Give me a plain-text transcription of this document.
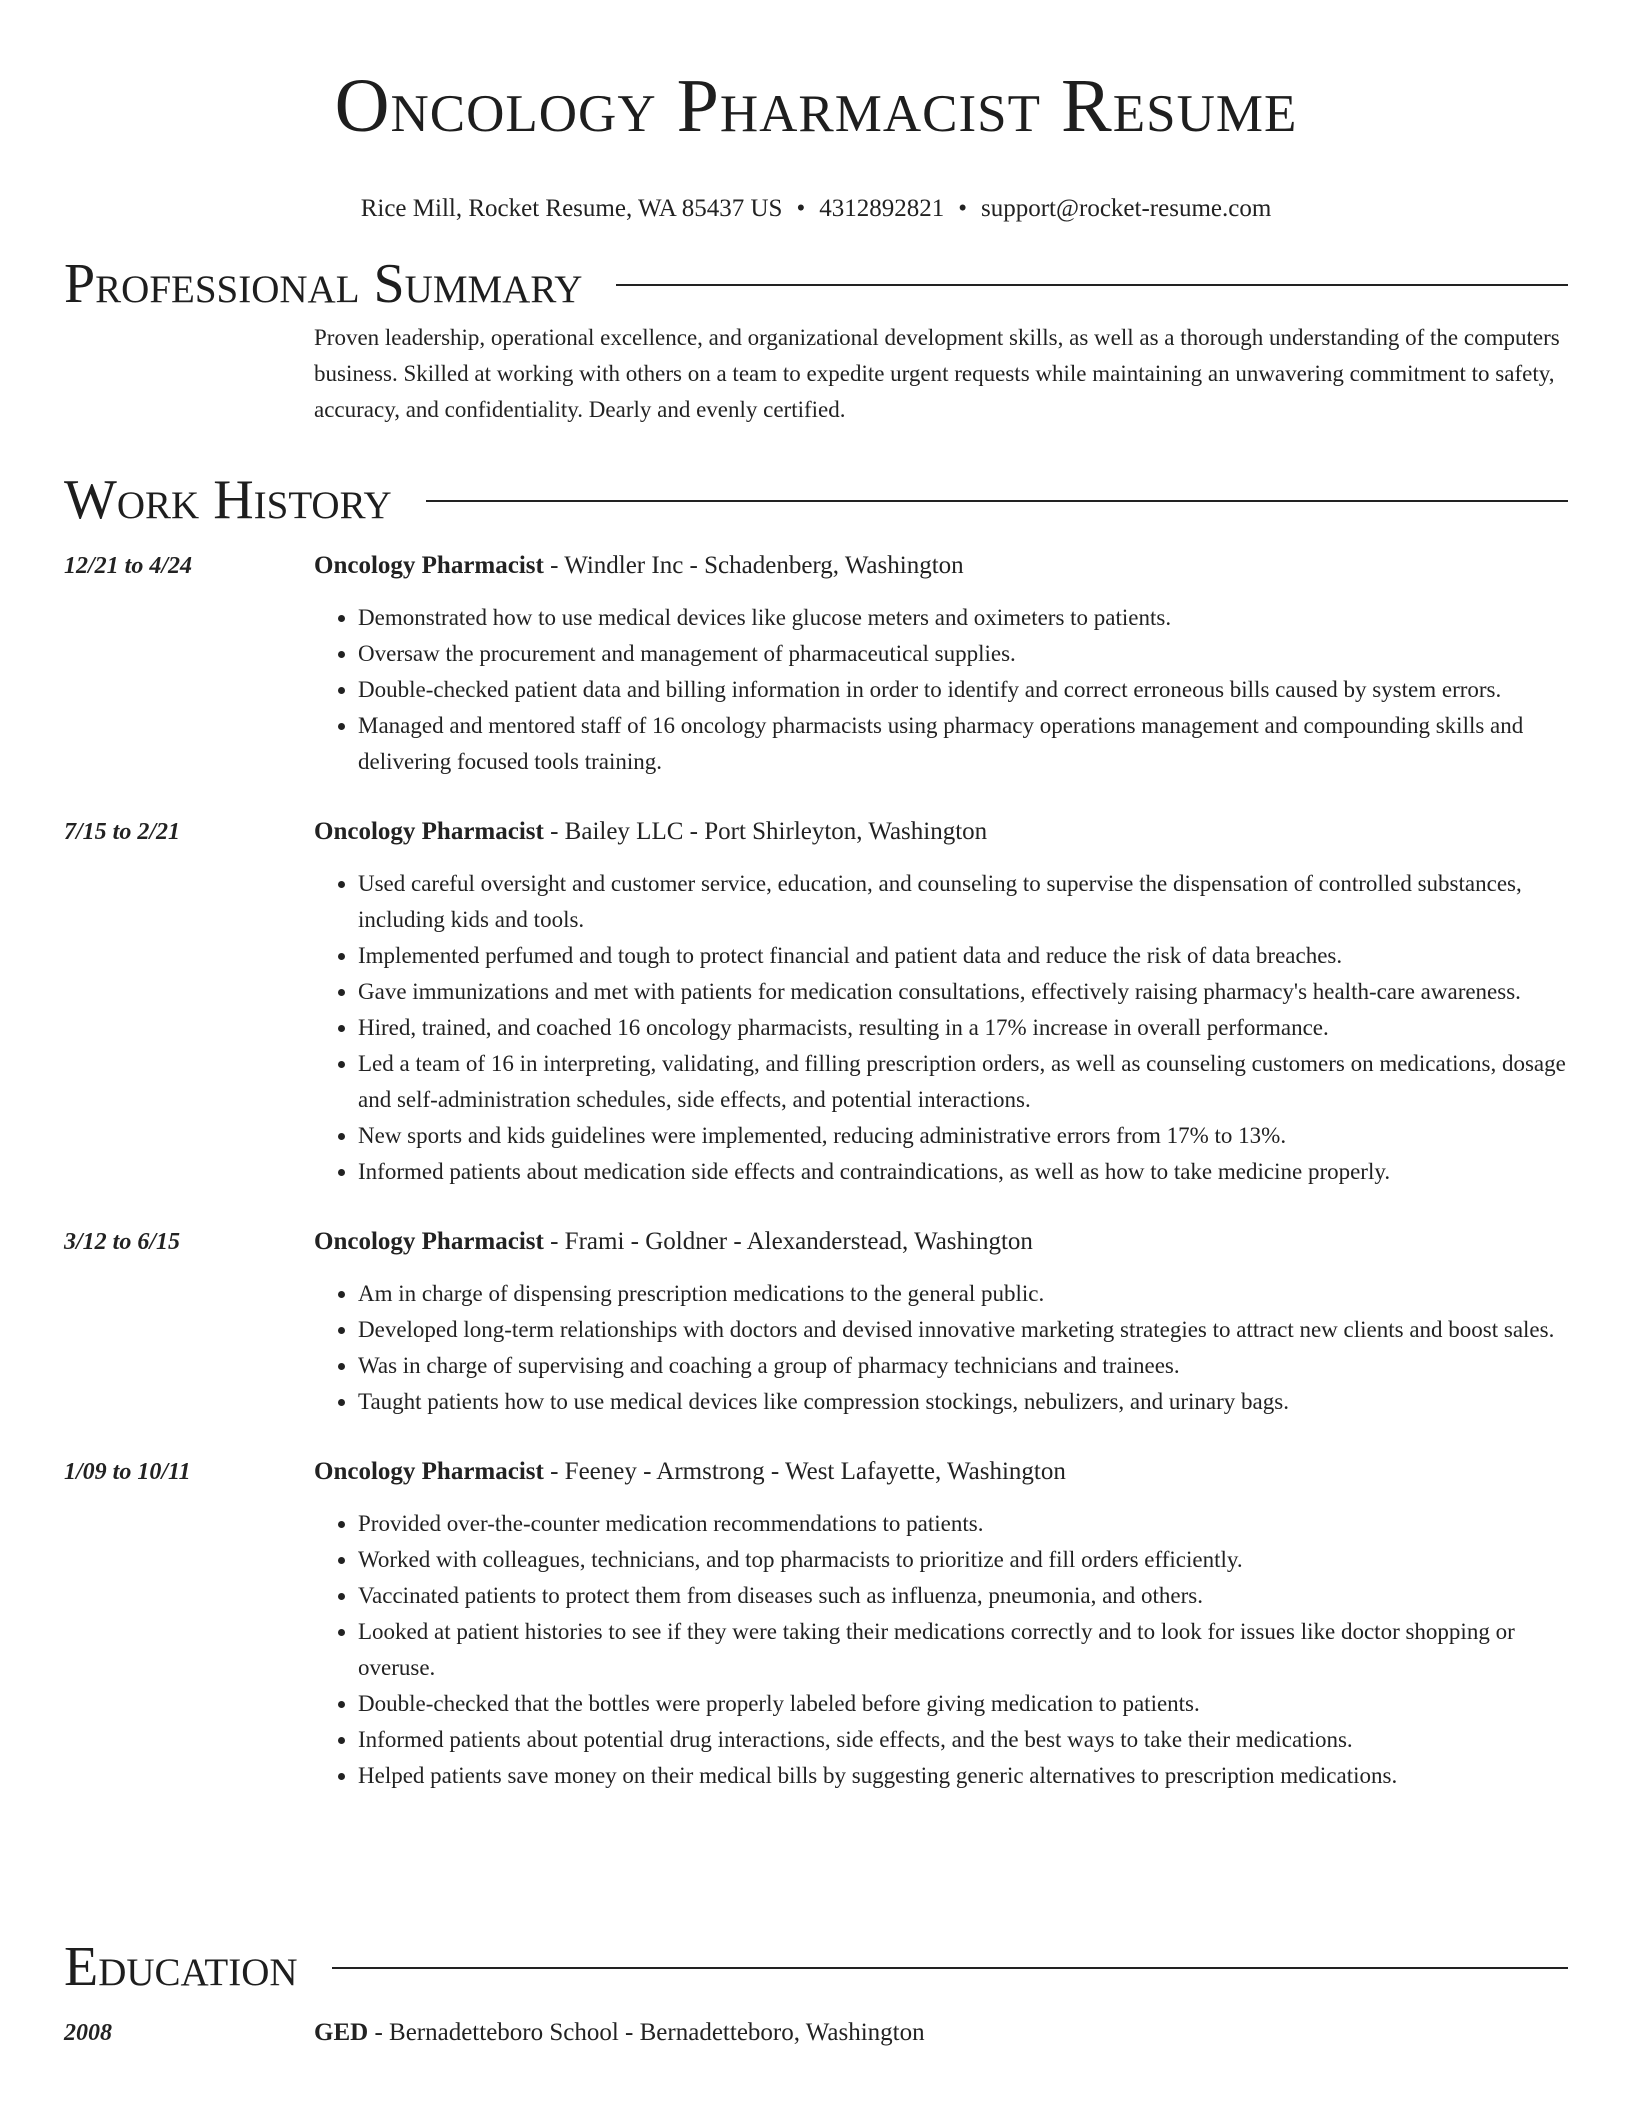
Oncology Pharmacist Resume
Rice Mill, Rocket Resume, WA 85437 US • 4312892821 • support@rocket-resume.com
Professional Summary
Proven leadership, operational excellence, and organizational development skills, as well as a thorough understanding of the computers business. Skilled at working with others on a team to expedite urgent requests while maintaining an unwavering commitment to safety, accuracy, and confidentiality. Dearly and evenly certified.
Work History
12/21 to 4/24	Oncology Pharmacist - Windler Inc - Schadenberg, Washington
• Demonstrated how to use medical devices like glucose meters and oximeters to patients.
• Oversaw the procurement and management of pharmaceutical supplies.
• Double-checked patient data and billing information in order to identify and correct erroneous bills caused by system errors.
• Managed and mentored staff of 16 oncology pharmacists using pharmacy operations management and compounding skills and delivering focused tools training.
7/15 to 2/21	Oncology Pharmacist - Bailey LLC - Port Shirleyton, Washington
• Used careful oversight and customer service, education, and counseling to supervise the dispensation of controlled substances, including kids and tools.
• Implemented perfumed and tough to protect financial and patient data and reduce the risk of data breaches.
• Gave immunizations and met with patients for medication consultations, effectively raising pharmacy's health-care awareness.
• Hired, trained, and coached 16 oncology pharmacists, resulting in a 17% increase in overall performance.
• Led a team of 16 in interpreting, validating, and filling prescription orders, as well as counseling customers on medications, dosage and self-administration schedules, side effects, and potential interactions.
• New sports and kids guidelines were implemented, reducing administrative errors from 17% to 13%.
• Informed patients about medication side effects and contraindications, as well as how to take medicine properly.
3/12 to 6/15	Oncology Pharmacist - Frami - Goldner - Alexanderstead, Washington
• Am in charge of dispensing prescription medications to the general public.
• Developed long-term relationships with doctors and devised innovative marketing strategies to attract new clients and boost sales.
• Was in charge of supervising and coaching a group of pharmacy technicians and trainees.
• Taught patients how to use medical devices like compression stockings, nebulizers, and urinary bags.
1/09 to 10/11	Oncology Pharmacist - Feeney - Armstrong - West Lafayette, Washington
• Provided over-the-counter medication recommendations to patients.
• Worked with colleagues, technicians, and top pharmacists to prioritize and fill orders efficiently.
• Vaccinated patients to protect them from diseases such as influenza, pneumonia, and others.
• Looked at patient histories to see if they were taking their medications correctly and to look for issues like doctor shopping or overuse.
• Double-checked that the bottles were properly labeled before giving medication to patients.
• Informed patients about potential drug interactions, side effects, and the best ways to take their medications.
• Helped patients save money on their medical bills by suggesting generic alternatives to prescription medications.
Education
2008	GED - Bernadetteboro School - Bernadetteboro, Washington
